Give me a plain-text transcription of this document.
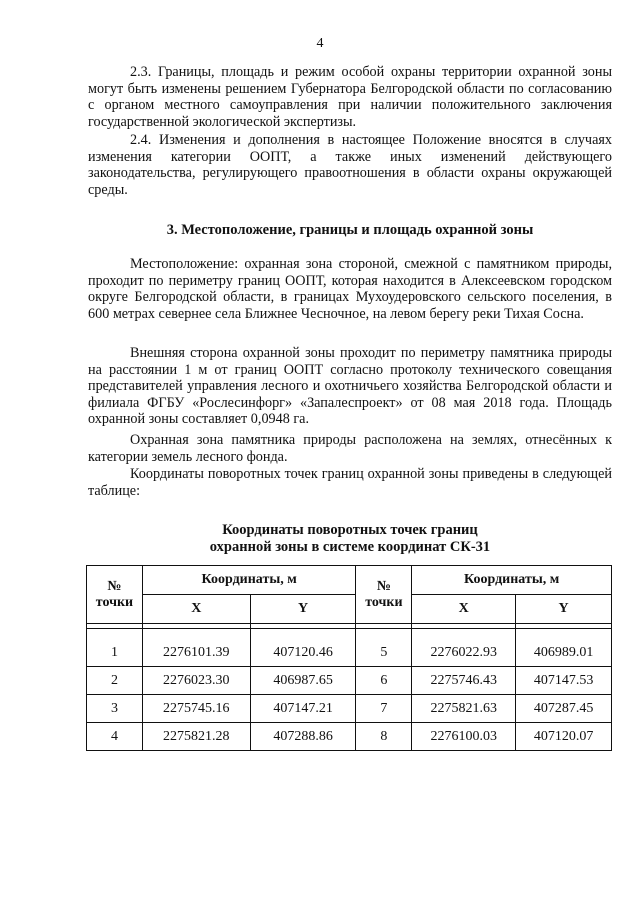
4

2.3. Границы, площадь и режим особой охраны территории охранной зоны могут быть изменены решением Губернатора Белгородской области по согласованию с органом местного самоуправления при наличии положительного заключения государственной экологической экспертизы.

2.4. Изменения и дополнения в настоящее Положение вносятся в случаях изменения категории ООПТ, а также иных изменений действующего законодательства, регулирующего правоотношения в области охраны окружающей среды.

3. Местоположение, границы и площадь охранной зоны

Местоположение: охранная зона стороной, смежной с памятником природы, проходит по периметру границ ООПТ, которая находится в Алексеевском городском округе Белгородской области, в границах Мухоудеровского сельского поселения, в 600 метрах севернее села Ближнее Чесночное, на левом берегу реки Тихая Сосна.

Внешняя сторона охранной зоны проходит по периметру памятника природы на расстоянии 1 м от границ ООПТ согласно протоколу технического совещания представителей управления лесного и охотничьего хозяйства Белгородской области и филиала ФГБУ «Рослесинфорг» «Запалеспроект» от 08 мая 2018 года. Площадь охранной зоны составляет 0,0948 га.

Охранная зона памятника природы расположена на землях, отнесённых к категории земель лесного фонда.

Координаты поворотных точек границ охранной зоны приведены в следующей таблице:

Координаты поворотных точек границ
охранной зоны в системе координат СК-31
№ точки	Координаты, м		№ точки	Координаты, м	
	X	Y		X	Y

1	2276101.39	407120.46	5	2276022.93	406989.01
2	2276023.30	406987.65	6	2275746.43	407147.53
3	2275745.16	407147.21	7	2275821.63	407287.45
4	2275821.28	407288.86	8	2276100.03	407120.07
